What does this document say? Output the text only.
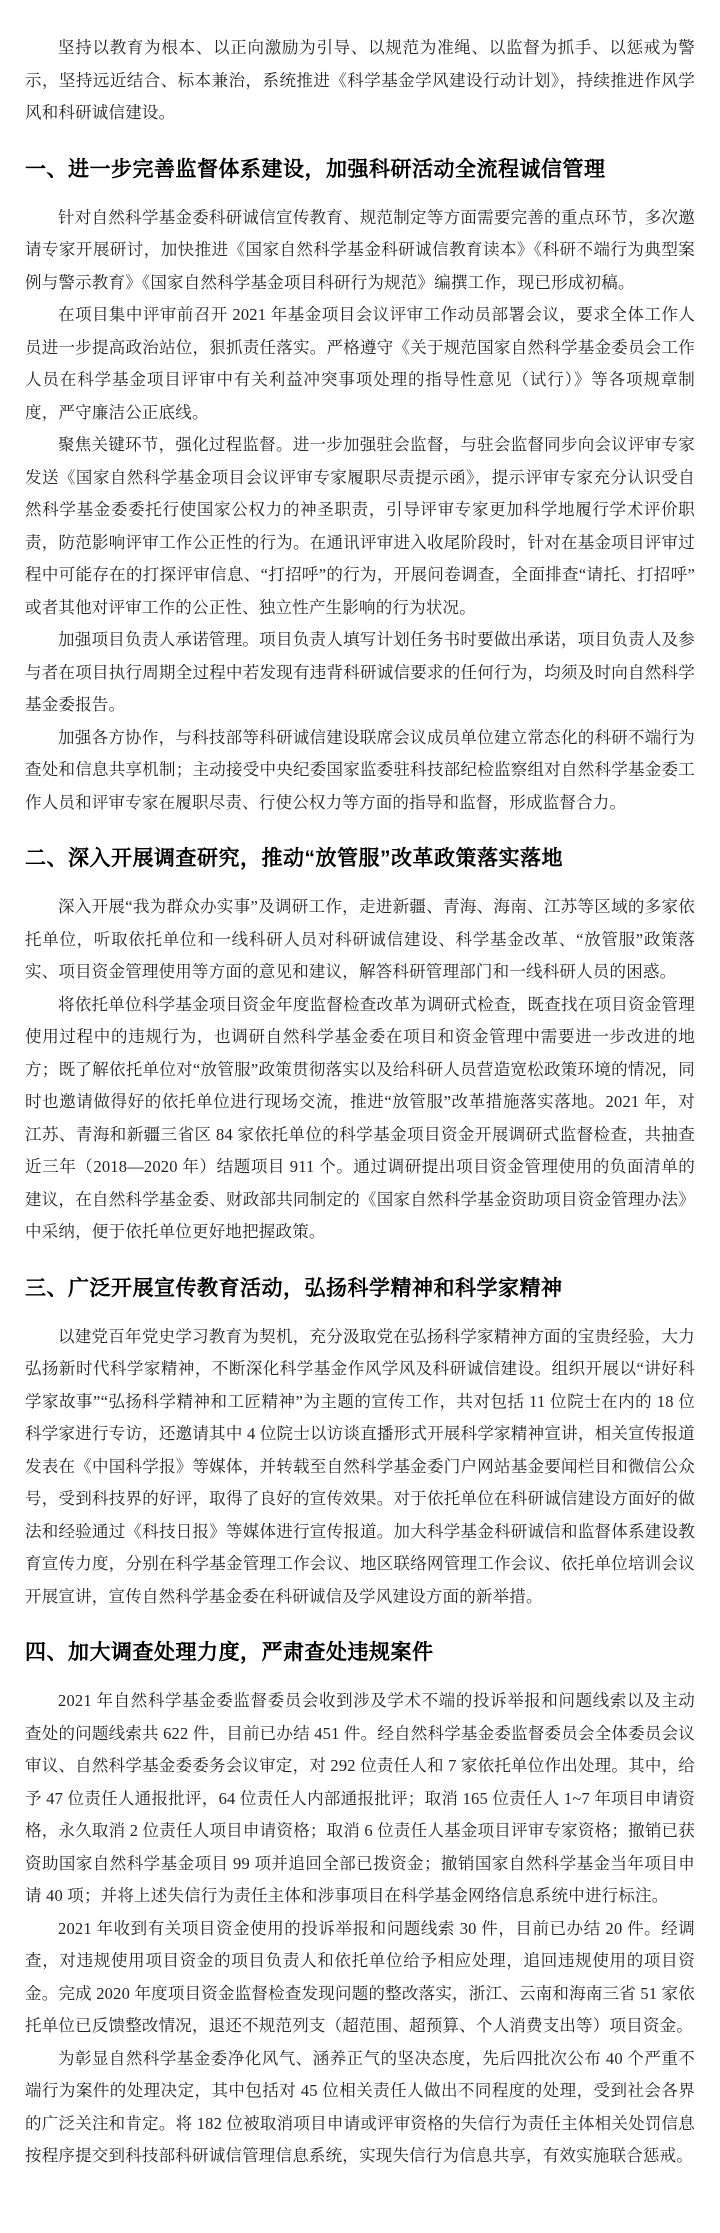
坚持以教育为根本、以正向激励为引导、以规范为准绳、以监督为抓手、以惩戒为警示，坚持远近结合、标本兼治，系统推进《科学基金学风建设行动计划》，持续推进作风学风和科研诚信建设。

一、进一步完善监督体系建设，加强科研活动全流程诚信管理

针对自然科学基金委科研诚信宣传教育、规范制定等方面需要完善的重点环节，多次邀请专家开展研讨，加快推进《国家自然科学基金科研诚信教育读本》《科研不端行为典型案例与警示教育》《国家自然科学基金项目科研行为规范》编撰工作，现已形成初稿。

在项目集中评审前召开 2021 年基金项目会议评审工作动员部署会议，要求全体工作人员进一步提高政治站位，狠抓责任落实。严格遵守《关于规范国家自然科学基金委员会工作人员在科学基金项目评审中有关利益冲突事项处理的指导性意见（试行）》等各项规章制度，严守廉洁公正底线。

聚焦关键环节，强化过程监督。进一步加强驻会监督，与驻会监督同步向会议评审专家发送《国家自然科学基金项目会议评审专家履职尽责提示函》，提示评审专家充分认识受自然科学基金委委托行使国家公权力的神圣职责，引导评审专家更加科学地履行学术评价职责，防范影响评审工作公正性的行为。在通讯评审进入收尾阶段时，针对在基金项目评审过程中可能存在的打探评审信息、“打招呼”的行为，开展问卷调查，全面排查“请托、打招呼”或者其他对评审工作的公正性、独立性产生影响的行为状况。

加强项目负责人承诺管理。项目负责人填写计划任务书时要做出承诺，项目负责人及参与者在项目执行周期全过程中若发现有违背科研诚信要求的任何行为，均须及时向自然科学基金委报告。

加强各方协作，与科技部等科研诚信建设联席会议成员单位建立常态化的科研不端行为查处和信息共享机制；主动接受中央纪委国家监委驻科技部纪检监察组对自然科学基金委工作人员和评审专家在履职尽责、行使公权力等方面的指导和监督，形成监督合力。

二、深入开展调查研究，推动“放管服”改革政策落实落地

深入开展“我为群众办实事”及调研工作，走进新疆、青海、海南、江苏等区域的多家依托单位，听取依托单位和一线科研人员对科研诚信建设、科学基金改革、“放管服”政策落实、项目资金管理使用等方面的意见和建议，解答科研管理部门和一线科研人员的困惑。

将依托单位科学基金项目资金年度监督检查改革为调研式检查，既查找在项目资金管理使用过程中的违规行为，也调研自然科学基金委在项目和资金管理中需要进一步改进的地方；既了解依托单位对“放管服”政策贯彻落实以及给科研人员营造宽松政策环境的情况，同时也邀请做得好的依托单位进行现场交流，推进“放管服”改革措施落实落地。2021 年，对江苏、青海和新疆三省区 84 家依托单位的科学基金项目资金开展调研式监督检查，共抽查近三年（2018—2020 年）结题项目 911 个。通过调研提出项目资金管理使用的负面清单的建议，在自然科学基金委、财政部共同制定的《国家自然科学基金资助项目资金管理办法》中采纳，便于依托单位更好地把握政策。

三、广泛开展宣传教育活动，弘扬科学精神和科学家精神

以建党百年党史学习教育为契机，充分汲取党在弘扬科学家精神方面的宝贵经验，大力弘扬新时代科学家精神，不断深化科学基金作风学风及科研诚信建设。组织开展以“讲好科学家故事”“弘扬科学精神和工匠精神”为主题的宣传工作，共对包括 11 位院士在内的 18 位科学家进行专访，还邀请其中 4 位院士以访谈直播形式开展科学家精神宣讲，相关宣传报道发表在《中国科学报》等媒体，并转载至自然科学基金委门户网站基金要闻栏目和微信公众号，受到科技界的好评，取得了良好的宣传效果。对于依托单位在科研诚信建设方面好的做法和经验通过《科技日报》等媒体进行宣传报道。加大科学基金科研诚信和监督体系建设教育宣传力度，分别在科学基金管理工作会议、地区联络网管理工作会议、依托单位培训会议开展宣讲，宣传自然科学基金委在科研诚信及学风建设方面的新举措。

四、加大调查处理力度，严肃查处违规案件

2021 年自然科学基金委监督委员会收到涉及学术不端的投诉举报和问题线索以及主动查处的问题线索共 622 件，目前已办结 451 件。经自然科学基金委监督委员会全体委员会议审议、自然科学基金委委务会议审定，对 292 位责任人和 7 家依托单位作出处理。其中，给予 47 位责任人通报批评，64 位责任人内部通报批评；取消 165 位责任人 1~7 年项目申请资格，永久取消 2 位责任人项目申请资格；取消 6 位责任人基金项目评审专家资格；撤销已获资助国家自然科学基金项目 99 项并追回全部已拨资金；撤销国家自然科学基金当年项目申请 40 项；并将上述失信行为责任主体和涉事项目在科学基金网络信息系统中进行标注。

2021 年收到有关项目资金使用的投诉举报和问题线索 30 件，目前已办结 20 件。经调查，对违规使用项目资金的项目负责人和依托单位给予相应处理，追回违规使用的项目资金。完成 2020 年度项目资金监督检查发现问题的整改落实，浙江、云南和海南三省 51 家依托单位已反馈整改情况，退还不规范列支（超范围、超预算、个人消费支出等）项目资金。

为彰显自然科学基金委净化风气、涵养正气的坚决态度，先后四批次公布 40 个严重不端行为案件的处理决定，其中包括对 45 位相关责任人做出不同程度的处理，受到社会各界的广泛关注和肯定。将 182 位被取消项目申请或评审资格的失信行为责任主体相关处罚信息按程序提交到科技部科研诚信管理信息系统，实现失信行为信息共享，有效实施联合惩戒。
